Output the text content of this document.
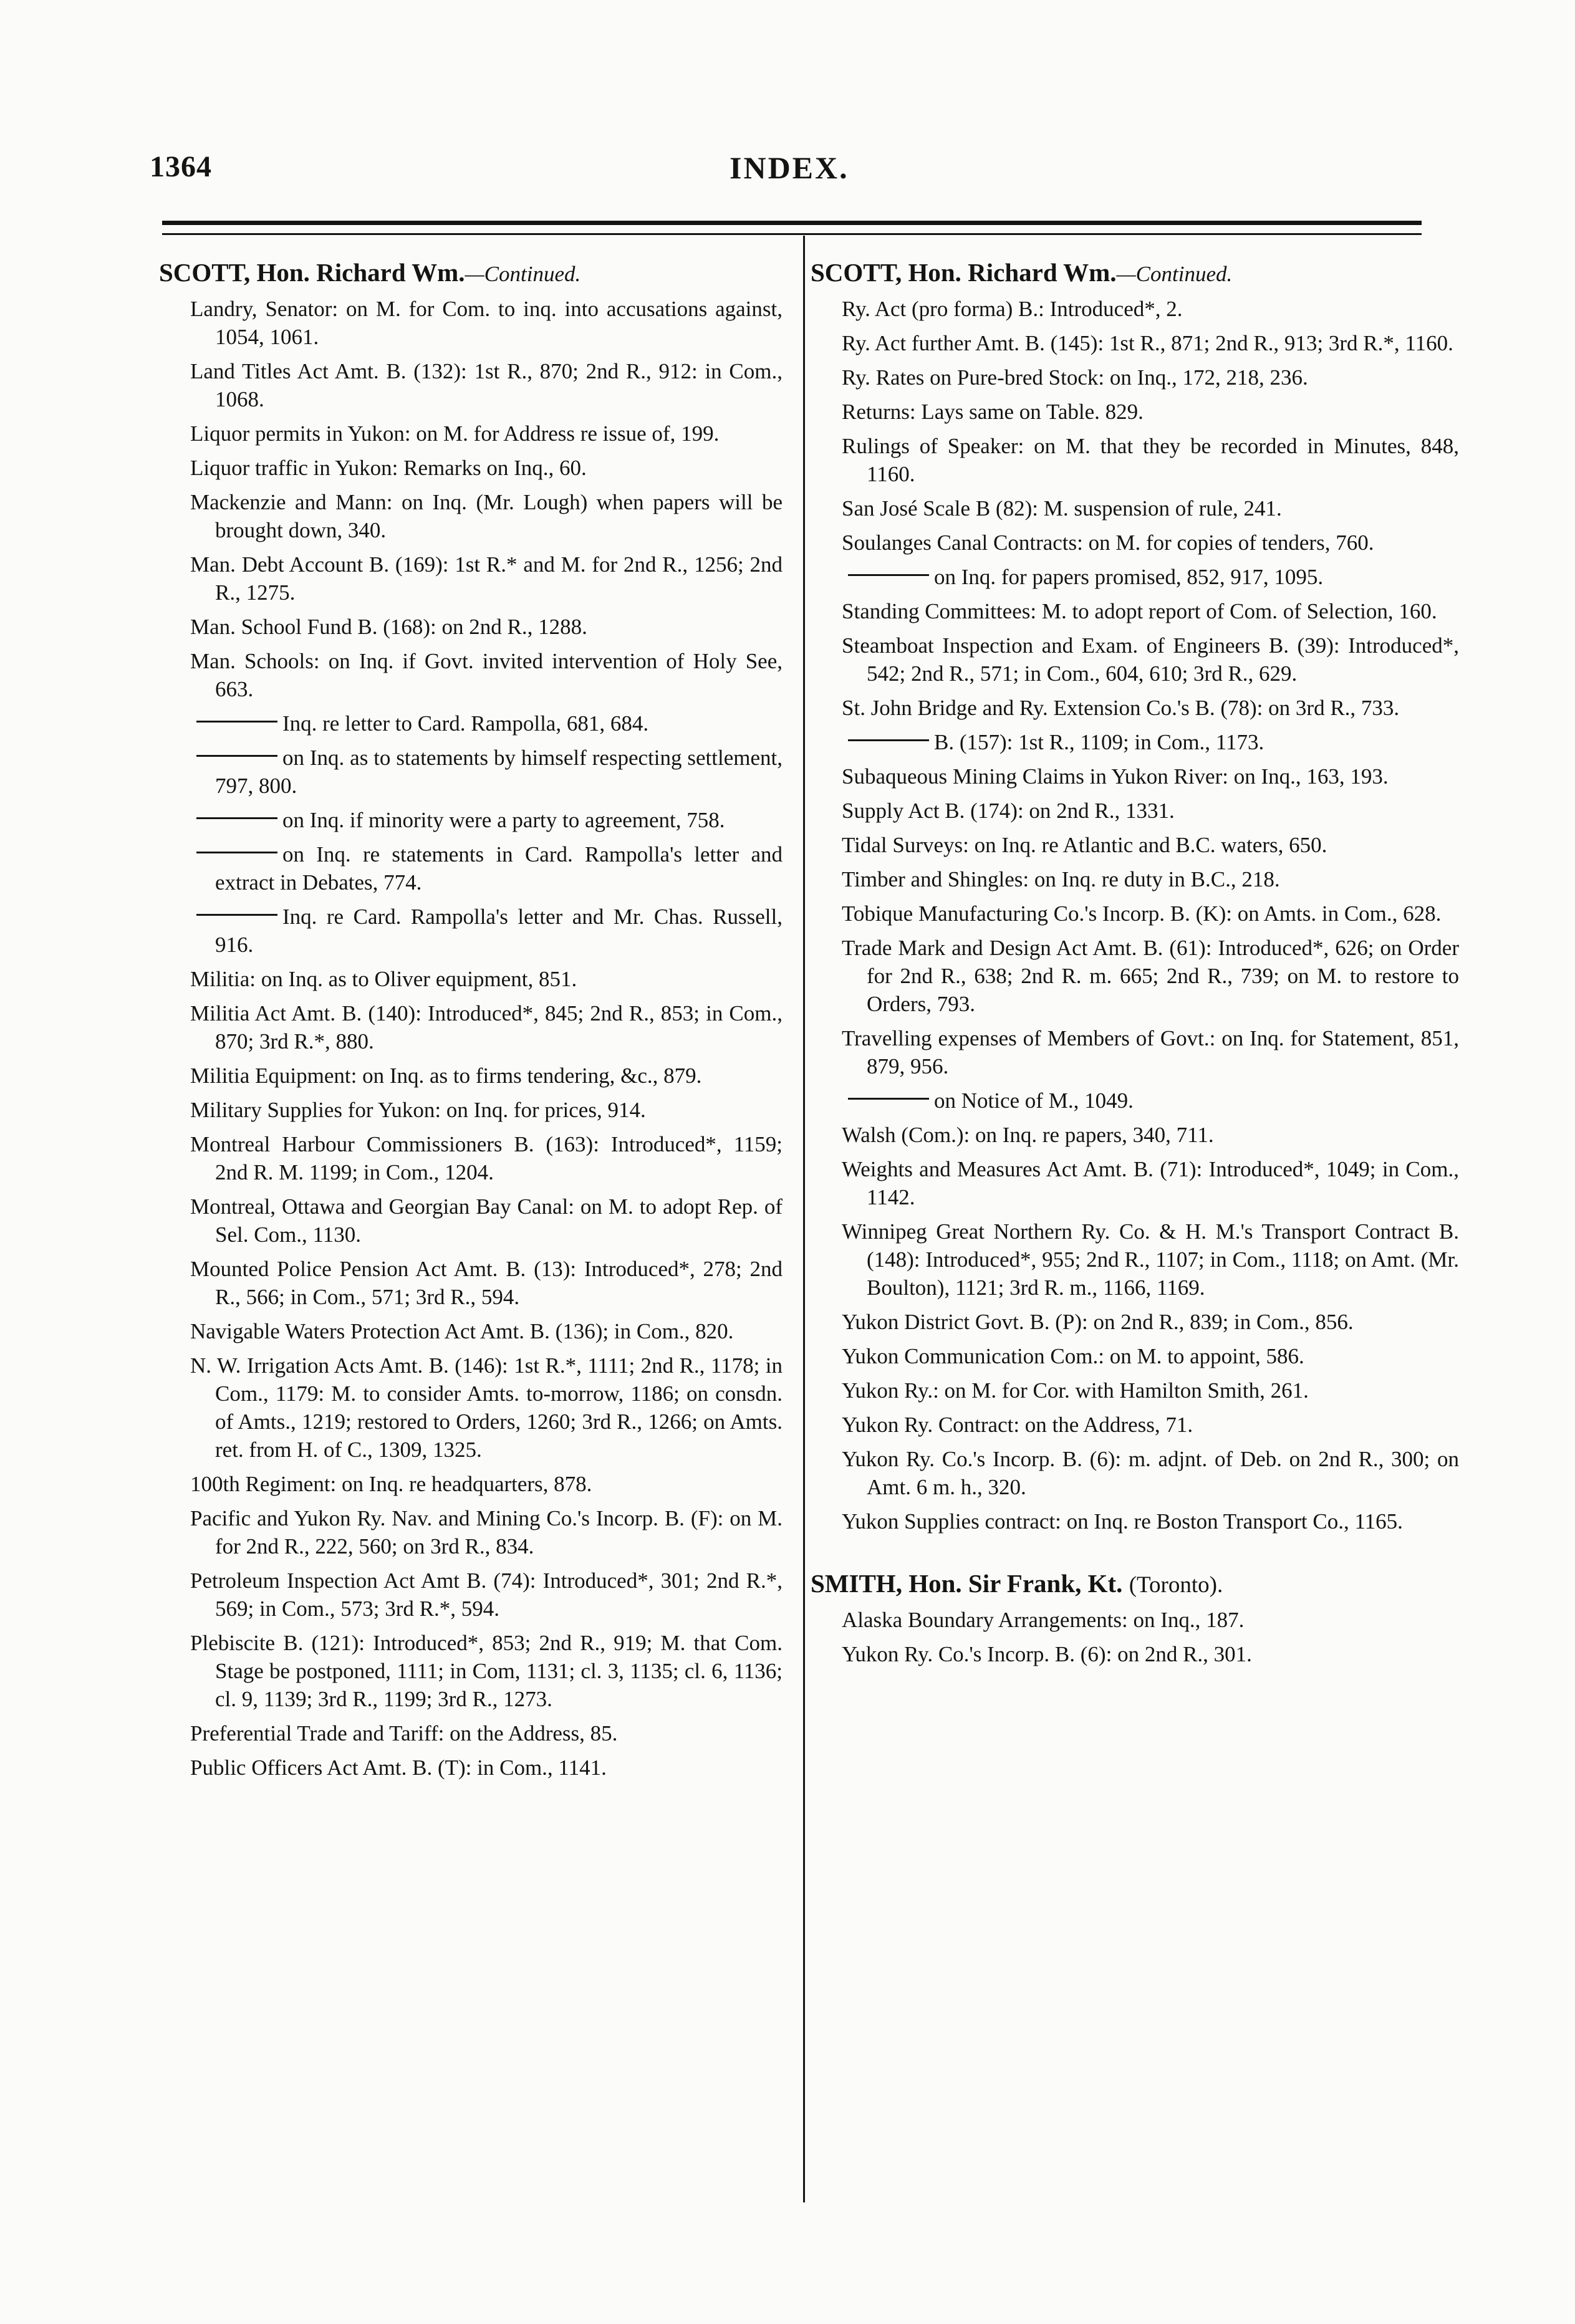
1364	INDEX.
SCOTT, Hon. Richard Wm.—Continued.

Landry, Senator: on M. for Com. to inq. into accusations against, 1054, 1061.

Land Titles Act Amt. B. (132): 1st R., 870; 2nd R., 912: in Com., 1068.

Liquor permits in Yukon: on M. for Address re issue of, 199.

Liquor traffic in Yukon: Remarks on Inq., 60.

Mackenzie and Mann: on Inq. (Mr. Lough) when papers will be brought down, 340.

Man. Debt Account B. (169): 1st R.* and M. for 2nd R., 1256; 2nd R., 1275.

Man. School Fund B. (168): on 2nd R., 1288.

Man. Schools: on Inq. if Govt. invited intervention of Holy See, 663.

Inq. re letter to Card. Rampolla, 681, 684.

on Inq. as to statements by himself respecting settlement, 797, 800.

on Inq. if minority were a party to agreement, 758.

on Inq. re statements in Card. Rampolla's letter and extract in Debates, 774.

Inq. re Card. Rampolla's letter and Mr. Chas. Russell, 916.

Militia: on Inq. as to Oliver equipment, 851.

Militia Act Amt. B. (140): Introduced*, 845; 2nd R., 853; in Com., 870; 3rd R.*, 880.

Militia Equipment: on Inq. as to firms tendering, &c., 879.

Military Supplies for Yukon: on Inq. for prices, 914.

Montreal Harbour Commissioners B. (163): Introduced*, 1159; 2nd R. M. 1199; in Com., 1204.

Montreal, Ottawa and Georgian Bay Canal: on M. to adopt Rep. of Sel. Com., 1130.

Mounted Police Pension Act Amt. B. (13): Introduced*, 278; 2nd R., 566; in Com., 571; 3rd R., 594.

Navigable Waters Protection Act Amt. B. (136); in Com., 820.

N. W. Irrigation Acts Amt. B. (146): 1st R.*, 1111; 2nd R., 1178; in Com., 1179: M. to consider Amts. to-morrow, 1186; on consdn. of Amts., 1219; restored to Orders, 1260; 3rd R., 1266; on Amts. ret. from H. of C., 1309, 1325.

100th Regiment: on Inq. re headquarters, 878.

Pacific and Yukon Ry. Nav. and Mining Co.'s Incorp. B. (F): on M. for 2nd R., 222, 560; on 3rd R., 834.

Petroleum Inspection Act Amt B. (74): Introduced*, 301; 2nd R.*, 569; in Com., 573; 3rd R.*, 594.

Plebiscite B. (121): Introduced*, 853; 2nd R., 919; M. that Com. Stage be postponed, 1111; in Com, 1131; cl. 3, 1135; cl. 6, 1136; cl. 9, 1139; 3rd R., 1199; 3rd R., 1273.

Preferential Trade and Tariff: on the Address, 85.

Public Officers Act Amt. B. (T): in Com., 1141.

SCOTT, Hon. Richard Wm.—Continued.

Ry. Act (pro forma) B.: Introduced*, 2.

Ry. Act further Amt. B. (145): 1st R., 871; 2nd R., 913; 3rd R.*, 1160.

Ry. Rates on Pure-bred Stock: on Inq., 172, 218, 236.

Returns: Lays same on Table. 829.

Rulings of Speaker: on M. that they be recorded in Minutes, 848, 1160.

San José Scale B (82): M. suspension of rule, 241.

Soulanges Canal Contracts: on M. for copies of tenders, 760.

on Inq. for papers promised, 852, 917, 1095.

Standing Committees: M. to adopt report of Com. of Selection, 160.

Steamboat Inspection and Exam. of Engineers B. (39): Introduced*, 542; 2nd R., 571; in Com., 604, 610; 3rd R., 629.

St. John Bridge and Ry. Extension Co.'s B. (78): on 3rd R., 733.

B. (157): 1st R., 1109; in Com., 1173.

Subaqueous Mining Claims in Yukon River: on Inq., 163, 193.

Supply Act B. (174): on 2nd R., 1331.

Tidal Surveys: on Inq. re Atlantic and B.C. waters, 650.

Timber and Shingles: on Inq. re duty in B.C., 218.

Tobique Manufacturing Co.'s Incorp. B. (K): on Amts. in Com., 628.

Trade Mark and Design Act Amt. B. (61): Introduced*, 626; on Order for 2nd R., 638; 2nd R. m. 665; 2nd R., 739; on M. to restore to Orders, 793.

Travelling expenses of Members of Govt.: on Inq. for Statement, 851, 879, 956.

on Notice of M., 1049.

Walsh (Com.): on Inq. re papers, 340, 711.

Weights and Measures Act Amt. B. (71): Introduced*, 1049; in Com., 1142.

Winnipeg Great Northern Ry. Co. & H. M.'s Transport Contract B. (148): Introduced*, 955; 2nd R., 1107; in Com., 1118; on Amt. (Mr. Boulton), 1121; 3rd R. m., 1166, 1169.

Yukon District Govt. B. (P): on 2nd R., 839; in Com., 856.

Yukon Communication Com.: on M. to appoint, 586.

Yukon Ry.: on M. for Cor. with Hamilton Smith, 261.

Yukon Ry. Contract: on the Address, 71.

Yukon Ry. Co.'s Incorp. B. (6): m. adjnt. of Deb. on 2nd R., 300; on Amt. 6 m. h., 320.

Yukon Supplies contract: on Inq. re Boston Transport Co., 1165.

SMITH, Hon. Sir Frank, Kt. (Toronto).

Alaska Boundary Arrangements: on Inq., 187.

Yukon Ry. Co.'s Incorp. B. (6): on 2nd R., 301.
